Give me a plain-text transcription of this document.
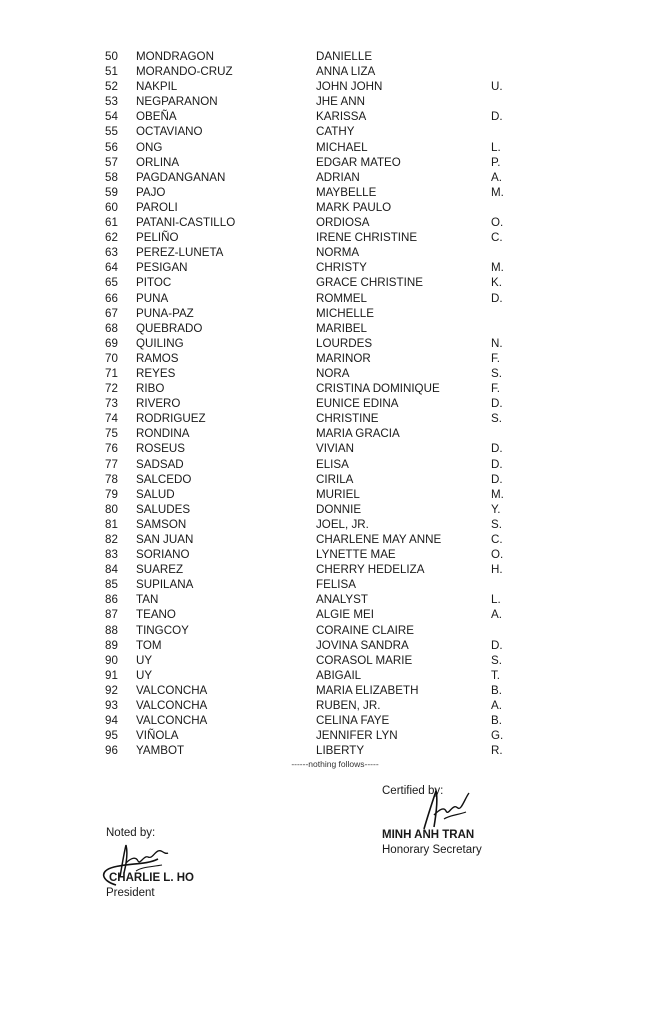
50 MONDRAGON	DANIELLE
51 MORANDO-CRUZ	ANNA LIZA
52 NAKPIL	JOHN JOHN	U.
53 NEGPARANON	JHE ANN
54 OBEÑA	KARISSA	D.
55 OCTAVIANO	CATHY
56 ONG	MICHAEL	L.
57 ORLINA	EDGAR MATEO	P.
58 PAGDANGANAN	ADRIAN	A.
59 PAJO	MAYBELLE	M.
60 PAROLI	MARK PAULO
61 PATANI-CASTILLO	ORDIOSA	O.
62 PELIÑO	IRENE CHRISTINE	C.
63 PEREZ-LUNETA	NORMA
64 PESIGAN	CHRISTY	M.
65 PITOC	GRACE CHRISTINE	K.
66 PUNA	ROMMEL	D.
67 PUNA-PAZ	MICHELLE
68 QUEBRADO	MARIBEL
69 QUILING	LOURDES	N.
70 RAMOS	MARINOR	F.
71 REYES	NORA	S.
72 RIBO	CRISTINA DOMINIQUE	F.
73 RIVERO	EUNICE EDINA	D.
74 RODRIGUEZ	CHRISTINE	S.
75 RONDINA	MARIA GRACIA
76 ROSEUS	VIVIAN	D.
77 SADSAD	ELISA	D.
78 SALCEDO	CIRILA	D.
79 SALUD	MURIEL	M.
80 SALUDES	DONNIE	Y.
81 SAMSON	JOEL, JR.	S.
82 SAN JUAN	CHARLENE MAY ANNE	C.
83 SORIANO	LYNETTE MAE	O.
84 SUAREZ	CHERRY HEDELIZA	H.
85 SUPILANA	FELISA
86 TAN	ANALYST	L.
87 TEANO	ALGIE MEI	A.
88 TINGCOY	CORAINE CLAIRE
89 TOM	JOVINA SANDRA	D.
90 UY	CORASOL MARIE	S.
91 UY	ABIGAIL	T.
92 VALCONCHA	MARIA ELIZABETH	B.
93 VALCONCHA	RUBEN, JR.	A.
94 VALCONCHA	CELINA FAYE	B.
95 VIÑOLA	JENNIFER LYN	G.
96 YAMBOT	LIBERTY	R.
------nothing follows-----
Certified by:
MINH ANH TRAN
Honorary Secretary
Noted by:
CHARLIE L. HO
President
